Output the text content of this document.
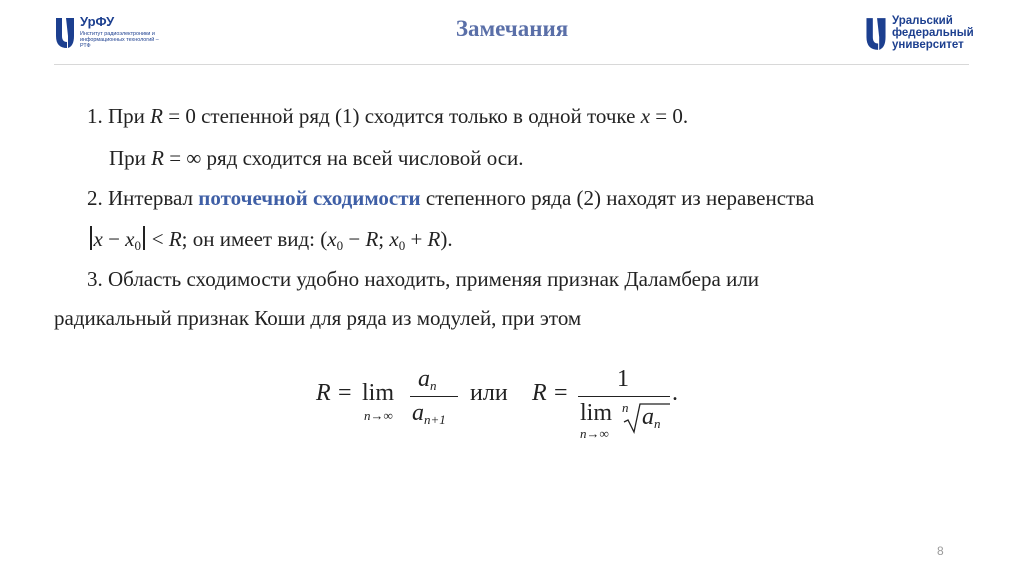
УрФУ
Институт радиоэлектроники и информационных технологий – РТФ
Замечания	Уральский федеральный университет
1. При R = 0 степенной ряд (1) сходится только в одной точке x = 0.
При R = ∞ ряд сходится на всей числовой оси.
2. Интервал поточечной сходимости степенного ряда (2) находят из неравенства
$x - x_0 < R$; он имеет вид: ($x_0 - R$; $x_0 + R$).
3. Область сходимости удобно находить, применяя признак Даламбера или
радикальный признак Коши для ряда из модулей, при этом
R = lim
n→∞
$a_n$
$a_{n+1}$
или R =
1
lim
n→∞
n $a_n$
.
8
